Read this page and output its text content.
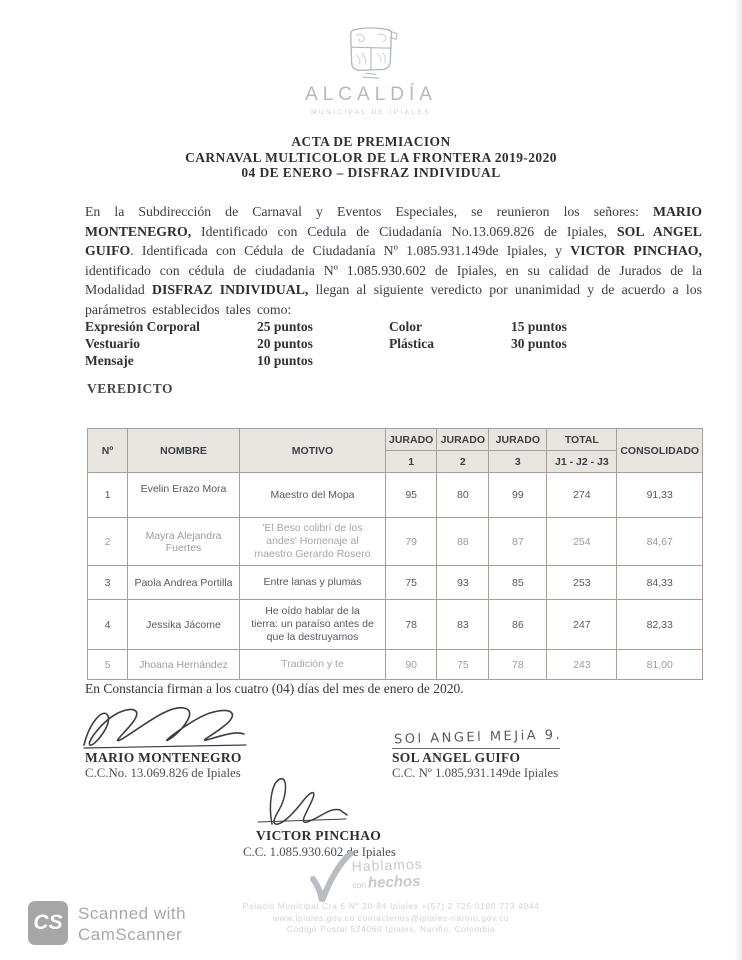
ALCALDÍA
MUNICIPAL DE IPIALES
ACTA DE PREMIACION
CARNAVAL MULTICOLOR DE LA FRONTERA 2019-2020
04 DE ENERO – DISFRAZ INDIVIDUAL

En la Subdirección de Carnaval y Eventos Especiales, se reunieron los señores: MARIO MONTENEGRO, Identificado con Cedula de Ciudadanía No.13.069.826 de Ipiales, SOL ANGEL GUIFO. Identificada con Cédula de Ciudadanía Nº 1.085.931.149de Ipiales, y VICTOR PINCHAO, identificado con cédula de ciudadania Nº 1.085.930.602 de Ipiales, en su calidad de Jurados de la Modalidad DISFRAZ INDIVIDUAL, llegan al siguiente veredicto por unanimidad y de acuerdo a los parámetros establecidos tales como:

Expresión Corporal	25 puntos	Color	15 puntos
Vestuario	20 puntos	Plástica	30 puntos
Mensaje	10 puntos
VEREDICTO
Nº	NOMBRE	MOTIVO	JURADO	JURADO	JURADO	TOTAL	CONSOLIDADO
			1	2	3	J1 - J2 - J3	
1	Evelin Erazo Mora	Maestro del Mopa	95	80	99	274	91,33
2	Mayra Alejandra Fuertes	'El Beso colibrí de los
andes' Homenaje al
maestro Gerardo Rosero	79	88	87	254	84,67
3	Paola Andrea Portilla	Entre lanas y plumas	75	93	85	253	84,33
4	Jessika Jácome	He oído hablar de la
tierra: un paraíso antes de
que la destruyamos	78	83	86	247	82,33
5	Jhoana Hernández	Tradición y te	90	75	78	243	81,00
En Constancia firman a los cuatro (04) días del mes de enero de 2020.
MARIO MONTENEGRO
C.C.No. 13.069.826 de Ipiales
SOl ANGEl MEJiA 9.
SOL ANGEL GUIFO
C.C. Nº 1.085.931.149de Ipiales
VICTOR PINCHAO
C.C. 1.085.930.602 de Ipiales
Hablamos
conhechos
Palacio Municipal Cra 6 Nº 20-84 Ipiales +(57) 2 725 0180 773 4044
www.ipiales.gov.co contactenos@ipiales-narino.gov.co
Código Postal 524060 Ipiales, Nariño, Colombia
CS Scanned with
CamScanner
